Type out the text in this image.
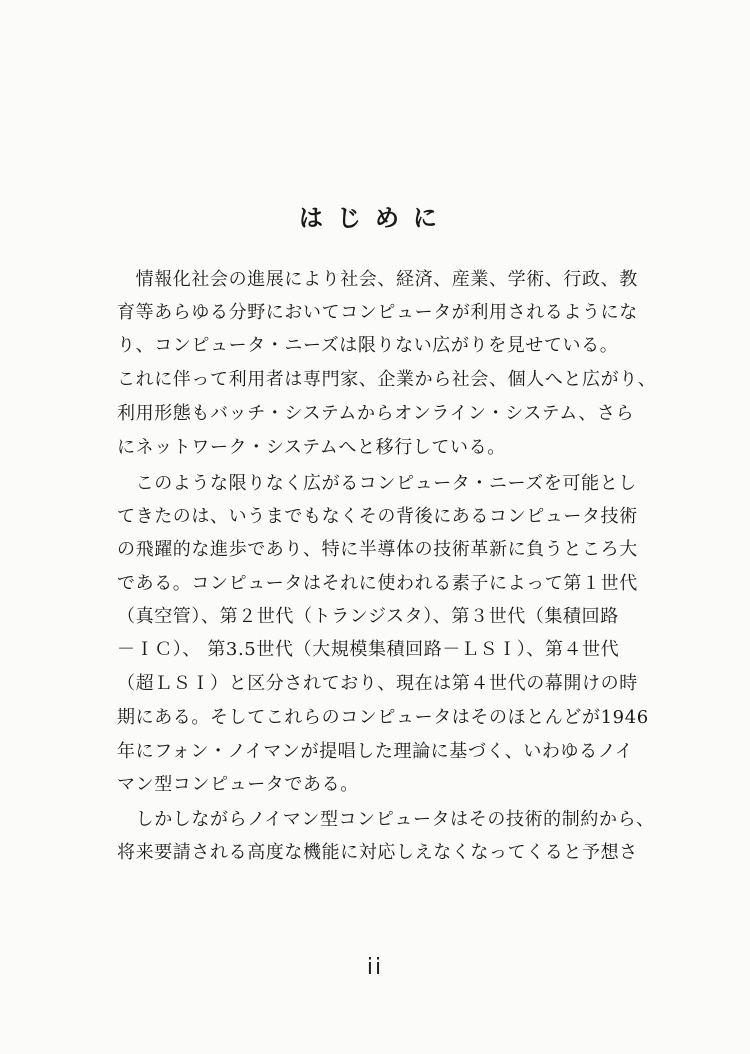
はじめに
　情報化社会の進展により社会、経済、産業、学術、行政、教
育等あらゆる分野においてコンピュータが利用されるようにな
り、コンピュータ・ニーズは限りない広がりを見せている。
これに伴って利用者は専門家、企業から社会、個人へと広がり、
利用形態もバッチ・システムからオンライン・システム、さら
にネットワーク・システムへと移行している。
　このような限りなく広がるコンピュータ・ニーズを可能とし
てきたのは、いうまでもなくその背後にあるコンピュータ技術
の飛躍的な進歩であり、特に半導体の技術革新に負うところ大
である。コンピュータはそれに使われる素子によって第１世代
（真空管）、第２世代（トランジスタ）、第３世代（集積回路
－ＩＣ）、 第3.5世代（大規模集積回路－ＬＳＩ）、第４世代
（超ＬＳＩ）と区分されており、現在は第４世代の幕開けの時
期にある。そしてこれらのコンピュータはそのほとんどが1946
年にフォン・ノイマンが提唱した理論に基づく、いわゆるノイ
マン型コンピュータである。
　しかしながらノイマン型コンピュータはその技術的制約から、
将来要請される高度な機能に対応しえなくなってくると予想さ
ii
